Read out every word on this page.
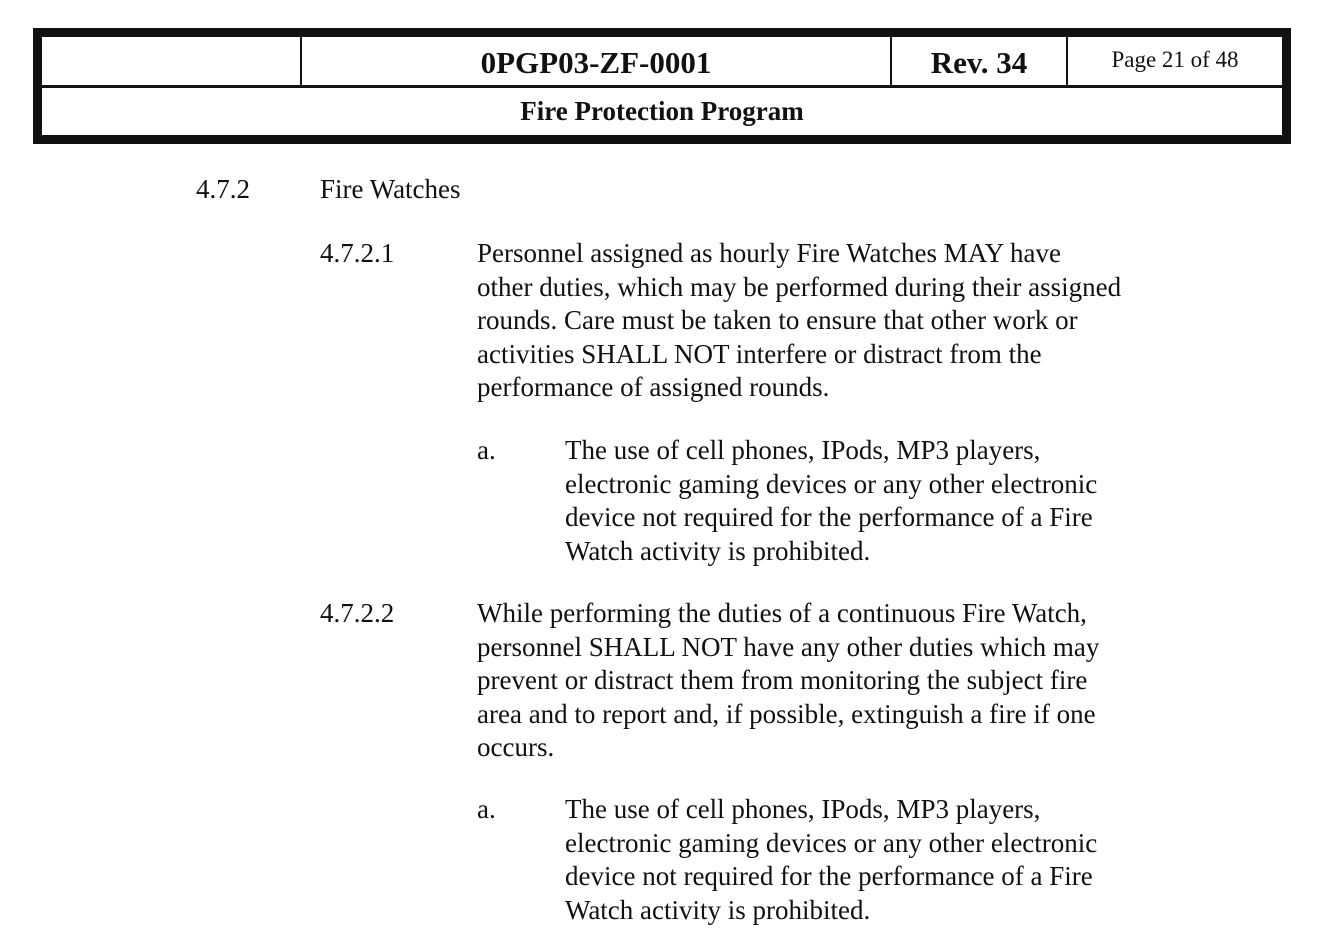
0PGP03-ZF-0001	Rev. 34	Page 21 of 48
Fire Protection Program
4.7.2	Fire Watches
4.7.2.1	Personnel assigned as hourly Fire Watches MAY have
other duties, which may be performed during their assigned
rounds. Care must be taken to ensure that other work or
activities SHALL NOT interfere or distract from the
performance of assigned rounds.
a.	The use of cell phones, IPods, MP3 players,
electronic gaming devices or any other electronic
device not required for the performance of a Fire
Watch activity is prohibited.
4.7.2.2	While performing the duties of a continuous Fire Watch,
personnel SHALL NOT have any other duties which may
prevent or distract them from monitoring the subject fire
area and to report and, if possible, extinguish a fire if one
occurs.
a.	The use of cell phones, IPods, MP3 players,
electronic gaming devices or any other electronic
device not required for the performance of a Fire
Watch activity is prohibited.
